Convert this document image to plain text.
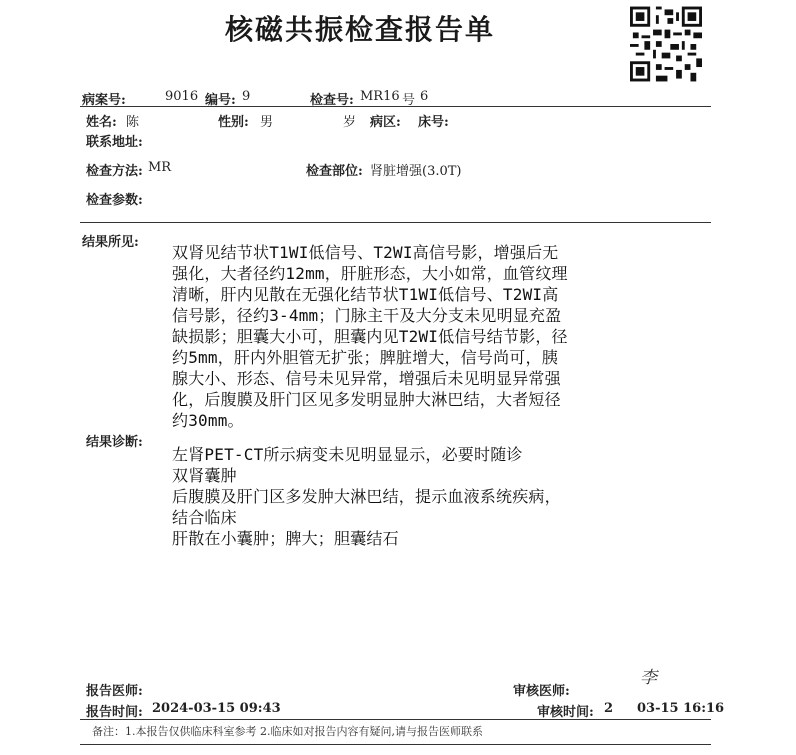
核磁共振检查报告单
病案号:	9016 编号: 9	检查号: MR16 号 6
姓名: 陈	性别: 男	岁 病区: 床号:
联系地址:
检查方法: MR	检查部位: 肾脏增强(3.0T)
检查参数:
结果所见:
双肾见结节状T1WI低信号、T2WI高信号影，增强后无
强化，大者径约12mm，肝脏形态，大小如常，血管纹理
清晰，肝内见散在无强化结节状T1WI低信号、T2WI高
信号影，径约3-4mm；门脉主干及大分支未见明显充盈
缺损影；胆囊大小可，胆囊内见T2WI低信号结节影，径
约5mm，肝内外胆管无扩张；脾脏增大，信号尚可，胰
腺大小、形态、信号未见异常，增强后未见明显异常强
化，后腹膜及肝门区见多发明显肿大淋巴结，大者短径
约30mm。
结果诊断:
左肾PET-CT所示病变未见明显显示，必要时随诊
双肾囊肿
后腹膜及肝门区多发肿大淋巴结，提示血液系统疾病，
结合临床
肝散在小囊肿；脾大；胆囊结石
报告医师:	审核医师:
李
报告时间: 2024-03-15 09:43	审核时间: 2 03-15 16:16
备注：1.本报告仅供临床科室参考 2.临床如对报告内容有疑问,请与报告医师联系
